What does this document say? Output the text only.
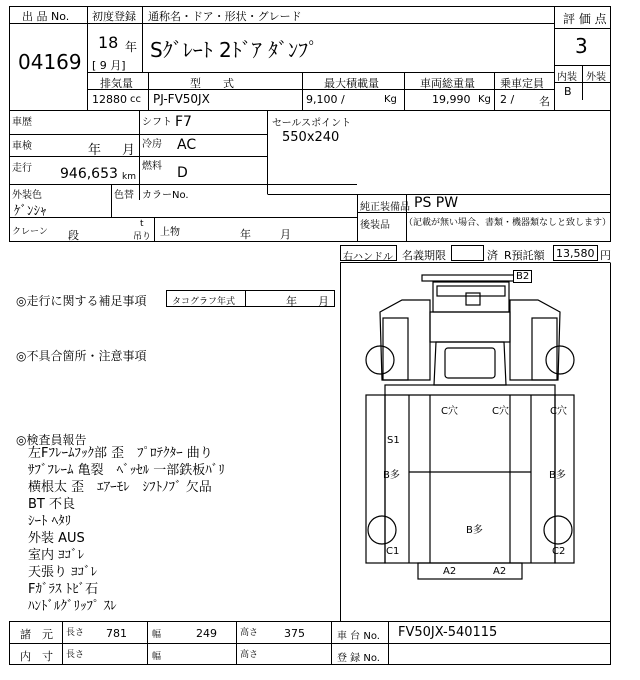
出 品 No.
04169
初度登録
18 年
[ 9 月]
通称名・ドア・形状・グレード
Sｸﾞﾚｰﾄ 2ﾄﾞｱ ﾀﾞﾝﾌﾟ
評 価 点
3
内装 外装
B
排気量
12880 cc
型　　式
PJ-FV50JX
最大積載量
9,100 /	Kg
車両総重量
19,990 Kg
乗車定員
2 / 名
車歴
車検	年 月
走行 946,653 km
シフト F7
冷房 AC
燃料 D
セールスポイント
550x240
外装色
ｹﾞﾝｼｬ
色替 カラーNo.
クレーン 段
t
吊り 上物	年	月
純正装備品 PS PW
後装品 （記載が無い場合、書類・機器類なしと致します）
右ハンドル 名義期限	済 R預託額 13,580 円
◎走行に関する補足事項	タコグラフ年式	年 月
◎不具合箇所・注意事項
◎検査員報告
左Fﾌﾚｰﾑﾌｯｸ部 歪　ﾌﾟﾛﾃｸﾀｰ 曲り
ｻﾌﾞﾌﾚｰﾑ 亀裂　ﾍﾞｯｾﾙ 一部鉄板ﾊﾞﾘ
横根太 歪　ｴｱｰﾓﾚ　ｼﾌﾄﾉﾌﾞ 欠品
BT 不良
ｼｰﾄ ﾍﾀﾘ
外装 AUS
室内 ﾖｺﾞﾚ
天張り ﾖｺﾞﾚ
Fｶﾞﾗｽ ﾄﾋﾞ石
ﾊﾝﾄﾞﾙｸﾞﾘｯﾌﾟ ｽﾚ
B2
C穴	C穴	C穴
S1
B多	B多
B多
C1	C2
A2	A2
諸　元 長さ 781	幅	249	高さ 375	車 台 No. FV50JX-540115
内　寸 長さ	幅	高さ	登 録 No.
